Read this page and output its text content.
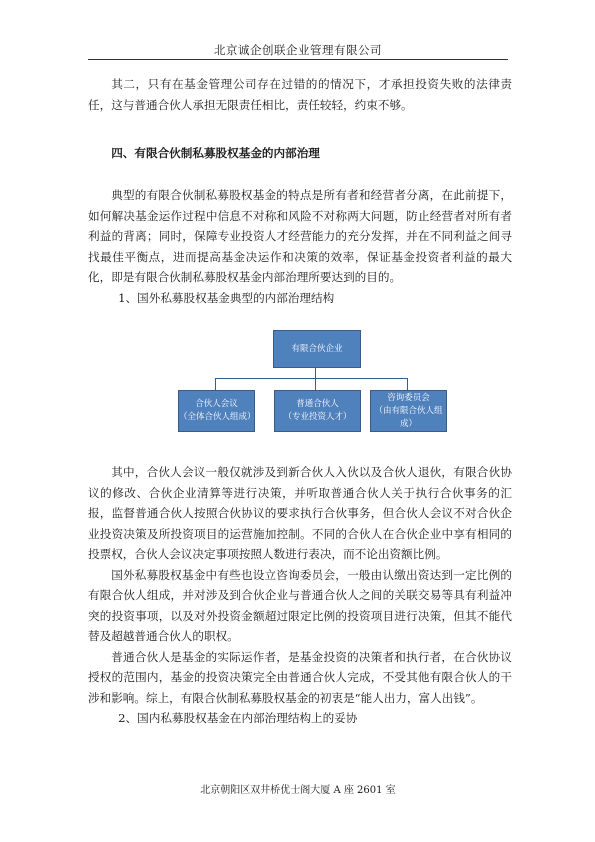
北京诚企创联企业管理有限公司

其二，只有在基金管理公司存在过错的的情况下，才承担投资失败的法律责任，这与普通合伙人承担无限责任相比，责任较轻，约束不够。

四、有限合伙制私募股权基金的内部治理

典型的有限合伙制私募股权基金的特点是所有者和经营者分离，在此前提下，如何解决基金运作过程中信息不对称和风险不对称两大问题，防止经营者对所有者利益的背离；同时，保障专业投资人才经营能力的充分发挥，并在不同利益之间寻找最佳平衡点，进而提高基金决运作和决策的效率，保证基金投资者利益的最大化，即是有限合伙制私募股权基金内部治理所要达到的目的。

1、国外私募股权基金典型的内部治理结构

有限合伙企业
合伙人会议
（全体合伙人组成）
普通合伙人
（专业投资人才）
咨询委员会
（由有限合伙人组成）

其中，合伙人会议一般仅就涉及到新合伙人入伙以及合伙人退伙，有限合伙协议的修改、合伙企业清算等进行决策，并听取普通合伙人关于执行合伙事务的汇报，监督普通合伙人按照合伙协议的要求执行合伙事务，但合伙人会议不对合伙企业投资决策及所投资项目的运营施加控制。不同的合伙人在合伙企业中享有相同的投票权，合伙人会议决定事项按照人数进行表决，而不论出资额比例。

国外私募股权基金中有些也设立咨询委员会，一般由认缴出资达到一定比例的有限合伙人组成，并对涉及到合伙企业与普通合伙人之间的关联交易等具有利益冲突的投资事项，以及对外投资金额超过限定比例的投资项目进行决策，但其不能代替及超越普通合伙人的职权。

普通合伙人是基金的实际运作者，是基金投资的决策者和执行者，在合伙协议授权的范围内，基金的投资决策完全由普通合伙人完成，不受其他有限合伙人的干涉和影响。综上，有限合伙制私募股权基金的初衷是“能人出力，富人出钱”。

2、国内私募股权基金在内部治理结构上的妥协

北京朝阳区双井桥优士阁大厦 A 座 2601 室
